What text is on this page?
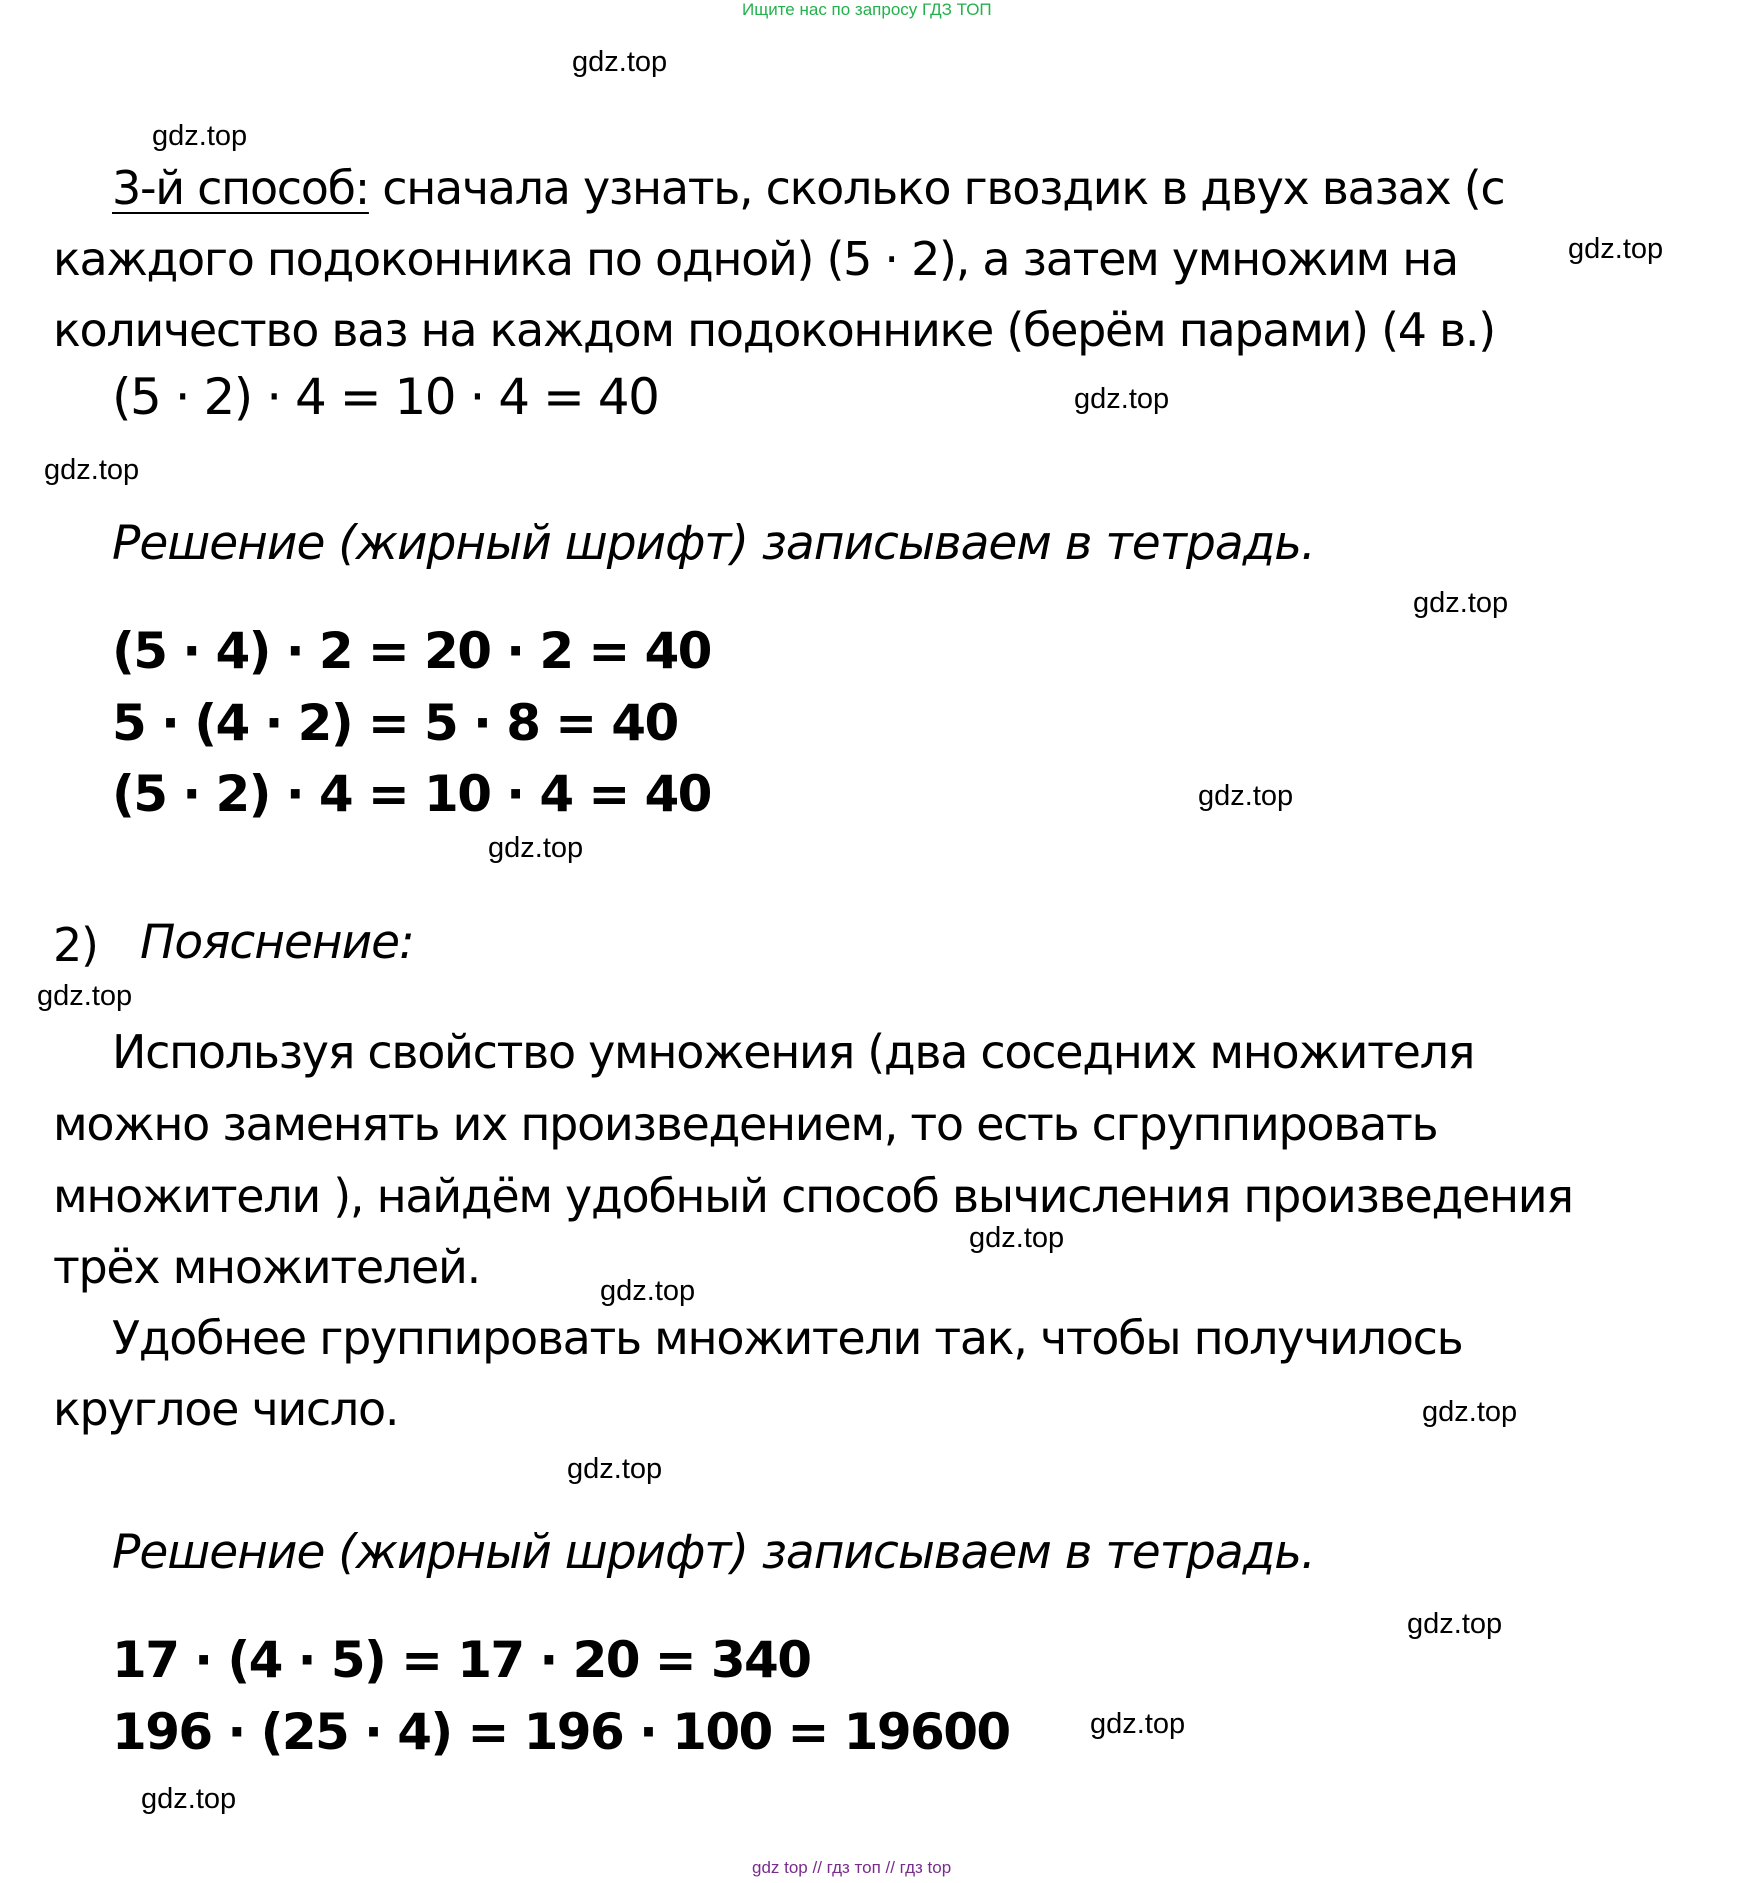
Ищите нас по запросу ГДЗ ТОП
gdz.top
gdz.top
gdz.top
gdz.top
gdz.top
gdz.top
gdz.top
gdz.top
gdz.top
gdz.top
gdz.top
gdz.top
gdz.top
gdz.top
gdz.top
gdz.top
3-й способ: сначала узнать, сколько гвоздик в двух вазах (с
каждого подоконника по одной) (5 · 2), а затем умножим на
количество ваз на каждом подоконнике (берём парами) (4 в.)
(5 · 2) · 4 = 10 · 4 = 40
Решение (жирный шрифт) записываем в тетрадь.
(5 · 4) · 2 = 20 · 2 = 40
5 · (4 · 2) = 5 · 8 = 40
(5 · 2) · 4 = 10 · 4 = 40
2) Пояснение:
Используя свойство умножения (два соседних множителя
можно заменять их произведением, то есть сгруппировать
множители ), найдём удобный способ вычисления произведения
трёх множителей.
Удобнее группировать множители так, чтобы получилось
круглое число.
Решение (жирный шрифт) записываем в тетрадь.
17 · (4 · 5) = 17 · 20 = 340
196 · (25 · 4) = 196 · 100 = 19600
gdz top // гдз топ // гдз top
